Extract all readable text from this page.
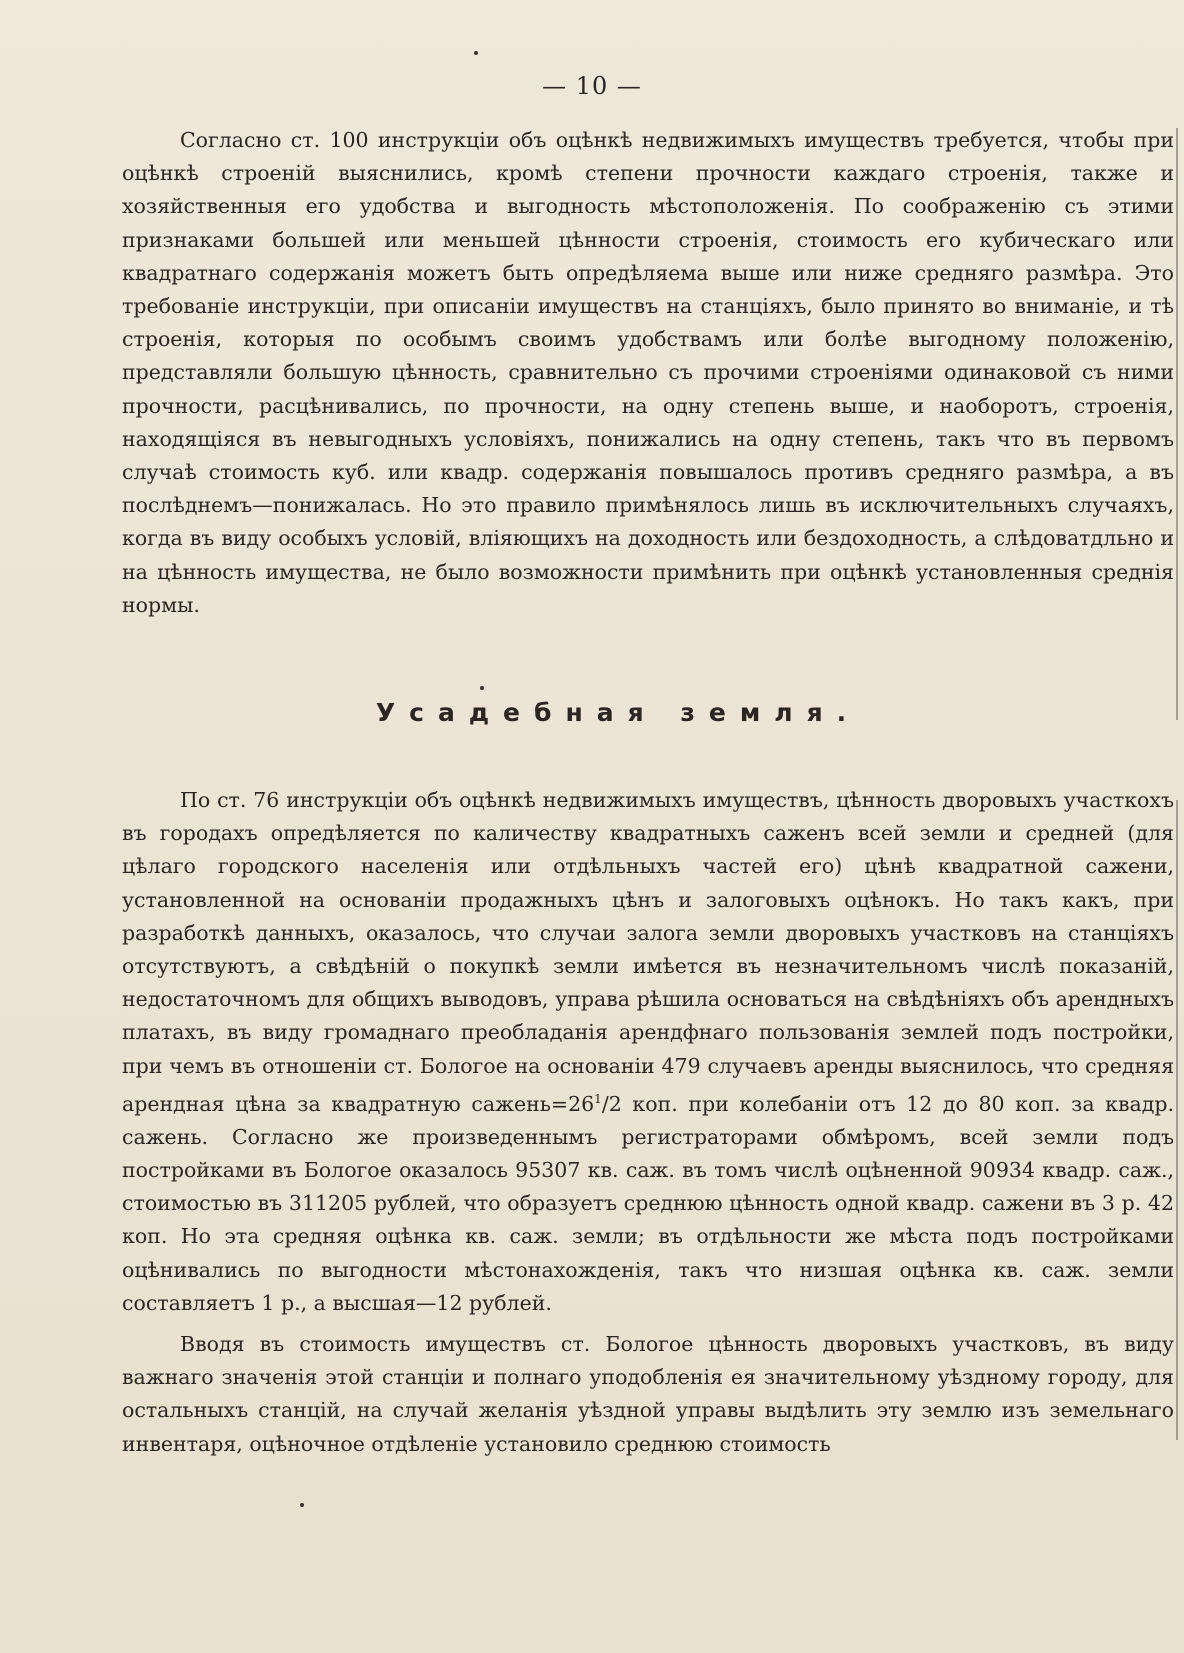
— 10 —

Согласно ст. 100 инструкціи объ оцѣнкѣ недвижимыхъ имуществъ требуется, чтобы при оцѣнкѣ строеній выяснились, кромѣ степени прочности каждаго строенія, также и хозяйственныя его удобства и выгодность мѣстоположенія. По соображенію съ этими признаками большей или меньшей цѣнности строенія, стоимость его кубическаго или квадратнаго содержанія можетъ быть опредѣляема выше или ниже средняго размѣра. Это требованіе инструкціи, при описаніи имуществъ на станціяхъ, было принято во вниманіе, и тѣ строенія, которыя по особымъ своимъ удобствамъ или болѣе выгодному положенію, представляли большую цѣнность, сравнительно съ прочими строеніями одинаковой съ ними прочности, расцѣнивались, по прочности, на одну степень выше, и наоборотъ, строенія, находящіяся въ невыгодныхъ условіяхъ, понижались на одну степень, такъ что въ первомъ случаѣ стоимость куб. или квадр. содержанія повышалось противъ средняго размѣра, а въ послѣднемъ—понижалась. Но это правило примѣнялось лишь въ исключительныхъ случаяхъ, когда въ виду особыхъ условій, вліяющихъ на доходность или бездоходность, а слѣдоватдльно и на цѣнность имущества, не было возможности примѣнить при оцѣнкѣ установленныя среднія нормы.

Усадебная земля.

По ст. 76 инструкціи объ оцѣнкѣ недвижимыхъ имуществъ, цѣнность дворовыхъ участкохъ въ городахъ опредѣляется по каличеству квадратныхъ саженъ всей земли и средней (для цѣлаго городского населенія или отдѣльныхъ частей его) цѣнѣ квадратной сажени, установленной на основаніи продажныхъ цѣнъ и залоговыхъ оцѣнокъ. Но такъ какъ, при разработкѣ данныхъ, оказалось, что случаи залога земли дворовыхъ участковъ на станціяхъ отсутствуютъ, а свѣдѣній о покупкѣ земли имѣется въ незначительномъ числѣ показаній, недостаточномъ для общихъ выводовъ, управа рѣшила основаться на свѣдѣніяхъ объ арендныхъ платахъ, въ виду громаднаго преобладанія арендфнаго пользованія землей подъ постройки, при чемъ въ отношеніи ст. Бологое на основаніи 479 случаевъ аренды выяснилось, что средняя арендная цѣна за квадратную $сажень=26^1/2$ коп. при колебаніи отъ 12 до 80 коп. за квадр. сажень. Согласно же произведеннымъ регистраторами обмѣромъ, всей земли подъ постройками въ Бологое оказалось 95307 кв. саж. въ томъ числѣ оцѣненной 90934 квадр. саж., стоимостью въ 311205 рублей, что образуетъ среднюю цѣнность одной квадр. сажени въ 3 р. 42 коп. Но эта средняя оцѣнка кв. саж. земли; въ отдѣльности же мѣста подъ постройками оцѣнивались по выгодности мѣстонахожденія, такъ что низшая оцѣнка кв. саж. земли составляетъ 1 р., а высшая—12 рублей.

Вводя въ стоимость имуществъ ст. Бологое цѣнность дворовыхъ участковъ, въ виду важнаго значенія этой станціи и полнаго уподобленія ея значительному уѣздному городу, для остальныхъ станцій, на случай желанія уѣздной управы выдѣлить эту землю изъ земельнаго инвентаря, оцѣночное отдѣленіе установило среднюю стоимость
